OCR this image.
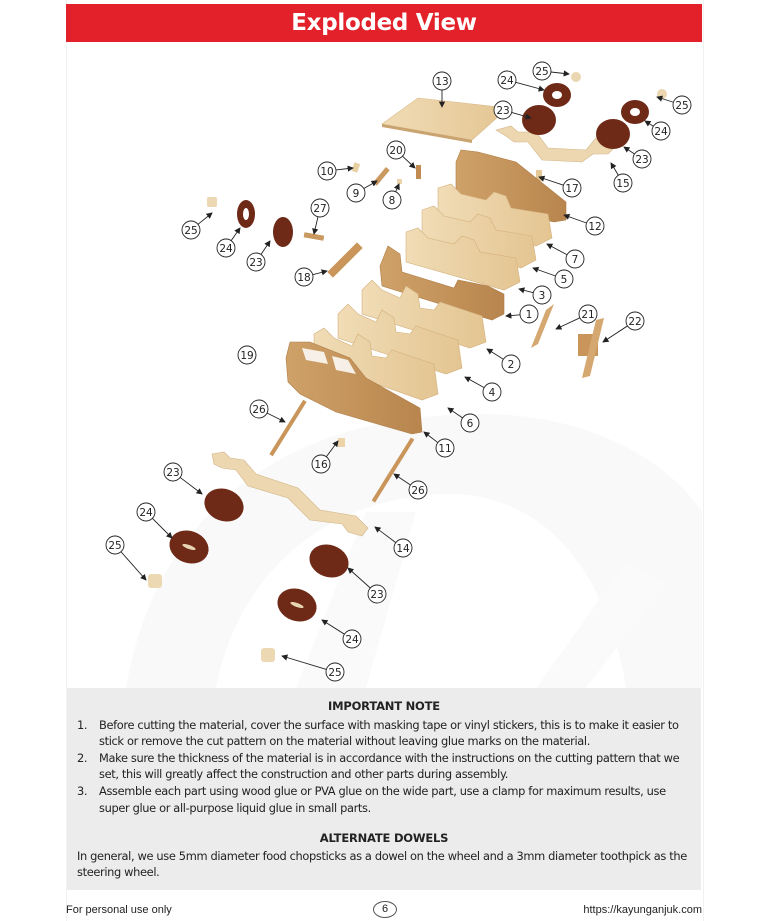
Exploded View
13
25
24
23	25
24
23
15
10
20
9
8
17
12
27
25
24
23
18
7
5
3
1	21
22
2
19
4
6
26
11
16
26
23
14
24
25
23
24
25
IMPORTANT NOTE
1.	Before cutting the material, cover the surface with masking tape or vinyl stickers, this is to make it easier to stick or remove the cut pattern on the material without leaving glue marks on the material.
2.	Make sure the thickness of the material is in accordance with the instructions on the cutting pattern that we set, this will greatly affect the construction and other parts during assembly.
3.	Assemble each part using wood glue or PVA glue on the wide part, use a clamp for maximum results, use super glue or all-purpose liquid glue in small parts.
ALTERNATE DOWELS
In general, we use 5mm diameter food chopsticks as a dowel on the wheel and a 3mm diameter toothpick as the steering wheel.
For personal use only	6	https://kayunganjuk.com
